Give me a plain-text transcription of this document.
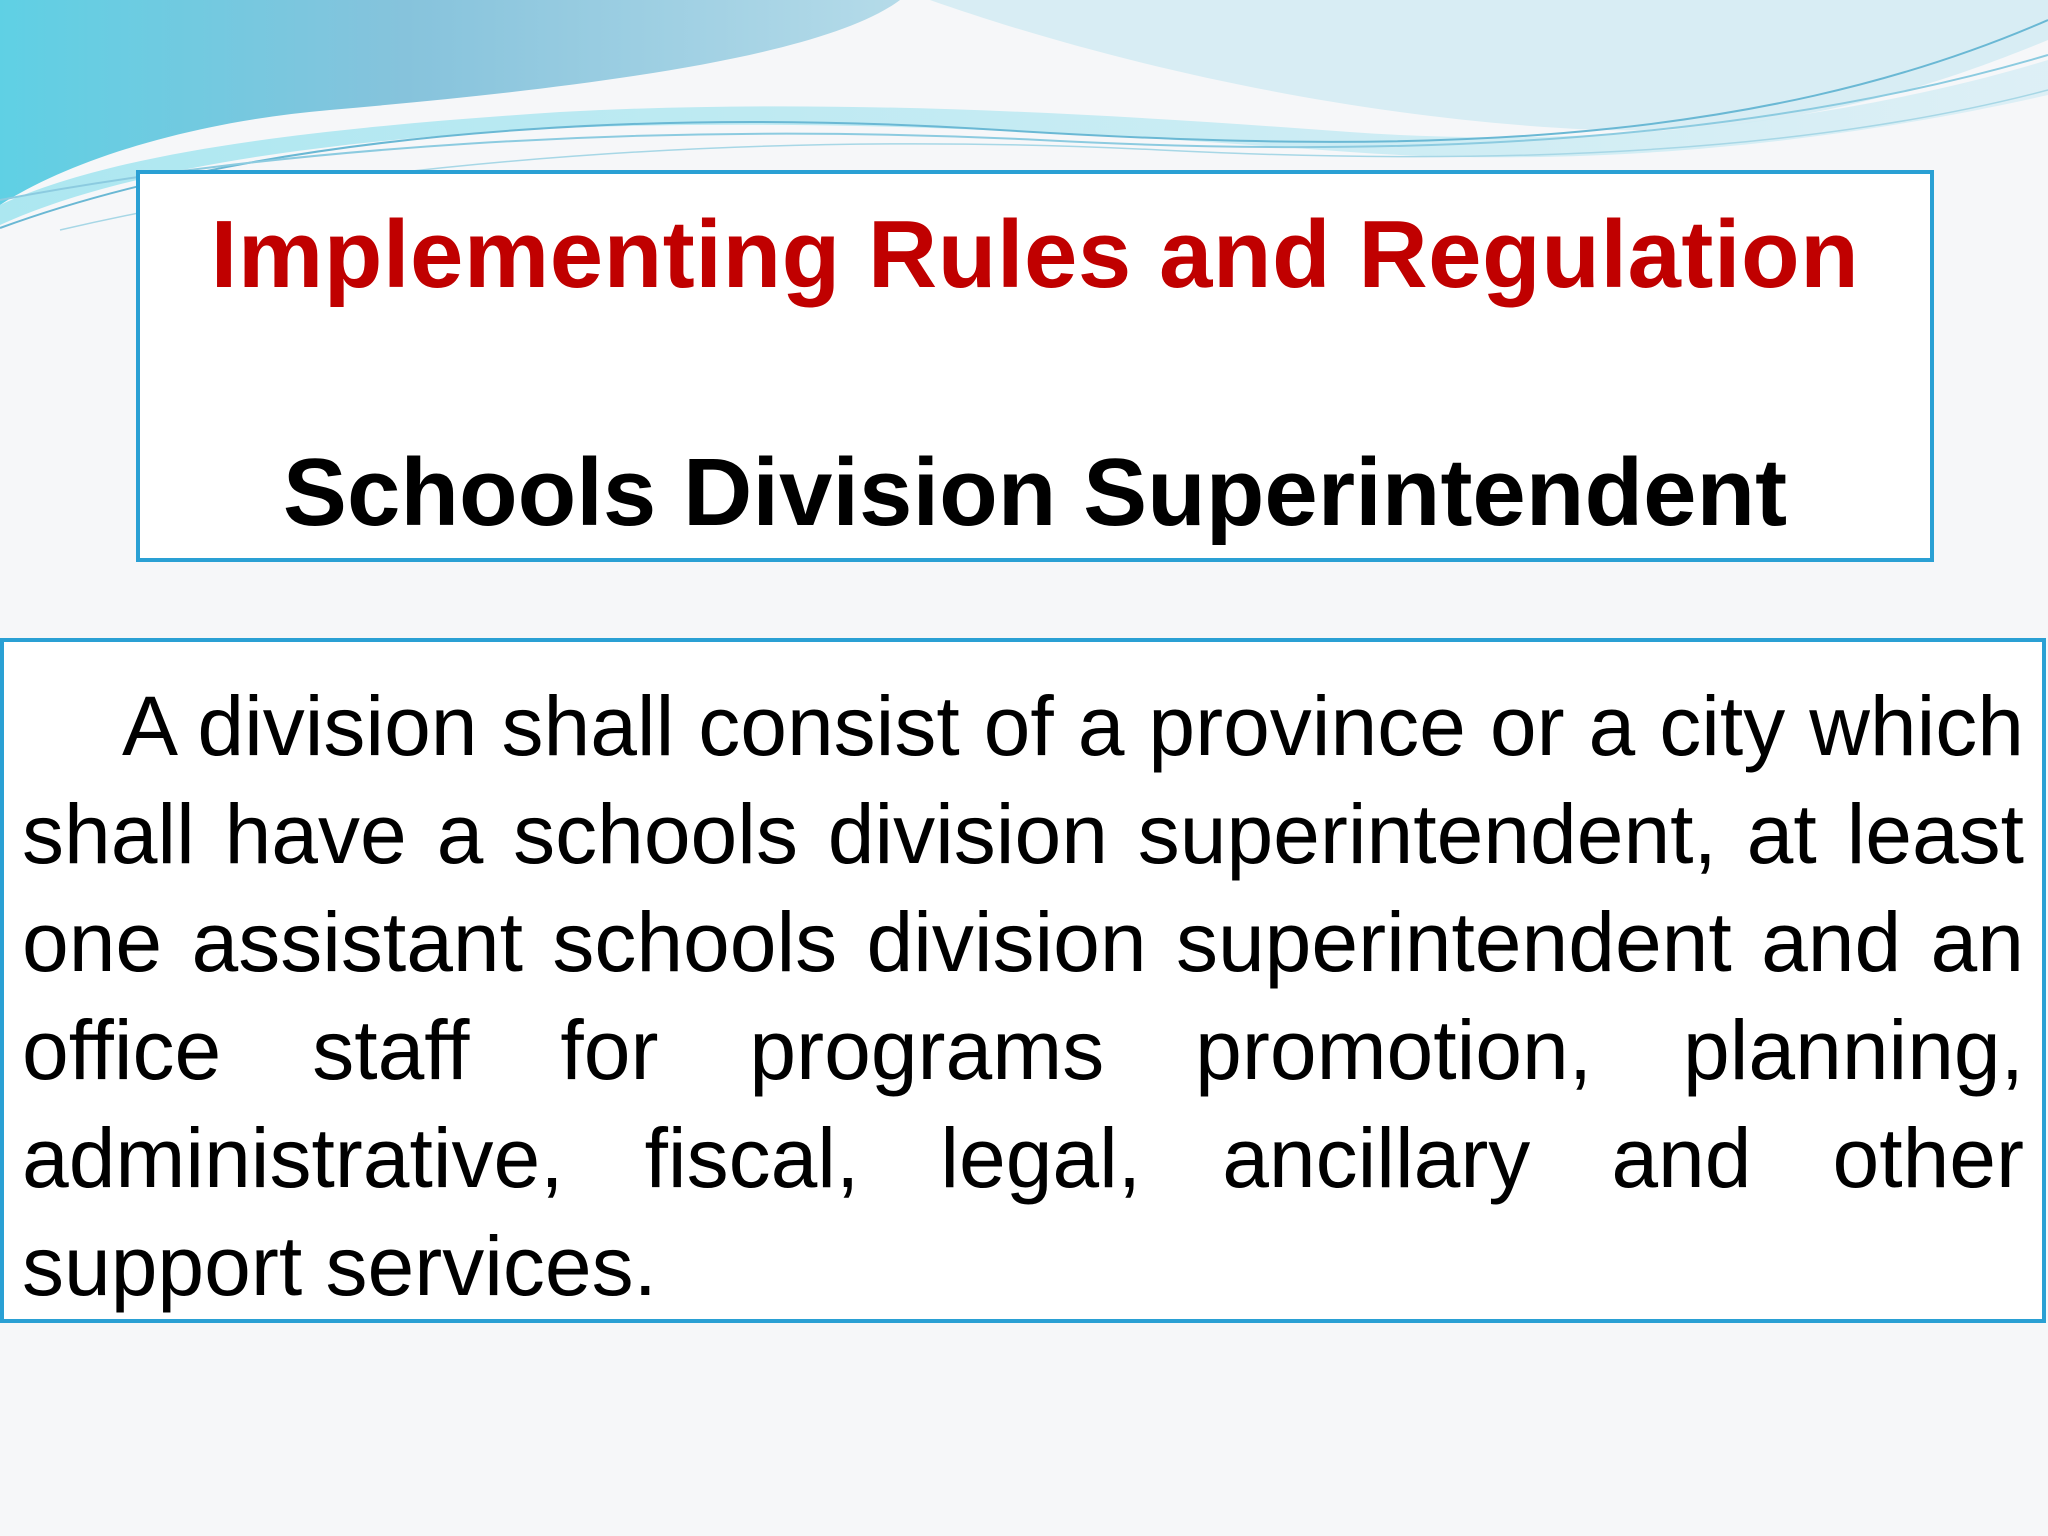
Implementing Rules and Regulation
Schools Division Superintendent

A division shall consist of a province or a city which shall have a schools division superintendent, at least one assistant schools division superintendent and an office staff for programs promotion, planning, administrative, fiscal, legal, ancillary and other support services.
